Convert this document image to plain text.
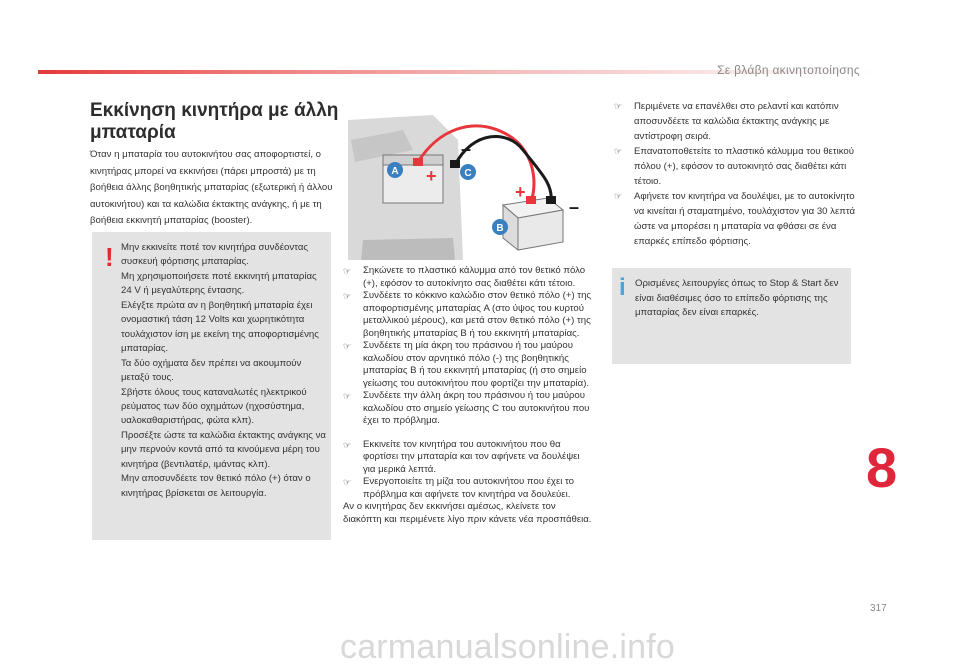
Σε βλάβη ακινητοποίησης
Εκκίνηση κινητήρα με άλλη
μπαταρία
Όταν η μπαταρία του αυτοκινήτου σας αποφορτιστεί, ο κινητήρας μπορεί να εκκινήσει (πάρει μπροστά) με τη βοήθεια άλλης βοηθητικής μπαταρίας (εξωτερική ή άλλου αυτοκινήτου) και τα καλώδια έκτακτης ανάγκης, ή με τη βοήθεια εκκινητή μπαταρίας (booster).
! Μην εκκινείτε ποτέ τον κινητήρα συνδέοντας συσκευή φόρτισης μπαταρίας.

Μη χρησιμοποιήσετε ποτέ εκκινητή μπαταρίας 24 V ή μεγαλύτερης έντασης.

Ελέγξτε πρώτα αν η βοηθητική μπαταρία έχει ονομαστική τάση 12 Volts και χωρητικότητα τουλάχιστον ίση με εκείνη της αποφορτισμένης μπαταρίας.

Τα δύο οχήματα δεν πρέπει να ακουμπούν μεταξύ τους.

Σβήστε όλους τους καταναλωτές ηλεκτρικού ρεύματος των δύο οχημάτων (ηχοσύστημα, υαλοκαθαριστήρας, φώτα κλπ).

Προσέξτε ώστε τα καλώδια έκτακτης ανάγκης να μην περνούν κοντά από τα κινούμενα μέρη του κινητήρα (βεντιλατέρ, ιμάντας κλπ).

Μην αποσυνδέετε τον θετικό πόλο (+) όταν ο κινητήρας βρίσκεται σε λειτουργία.

+
+
–
–
A	C
B

☞ Σηκώνετε το πλαστικό κάλυμμα από τον θετικό πόλο (+), εφόσον το αυτοκίνητο σας διαθέτει κάτι τέτοιο.

☞ Συνδέετε το κόκκινο καλώδιο στον θετικό πόλο (+) της αποφορτισμένης μπαταρίας A (στο ύψος του κυρτού μεταλλικού μέρους), και μετά στον θετικό πόλο (+) της βοηθητικής μπαταρίας B ή του εκκινητή μπαταρίας.

☞ Συνδέετε τη μία άκρη του πράσινου ή του μαύρου καλωδίου στον αρνητικό πόλο (-) της βοηθητικής μπαταρίας B ή του εκκινητή μπαταρίας (ή στο σημείο γείωσης του αυτοκινήτου που φορτίζει την μπαταρία).

☞ Συνδέετε την άλλη άκρη του πράσινου ή του μαύρου καλωδίου στο σημείο γείωσης C του αυτοκινήτου που έχει το πρόβλημα.

☞ Εκκινείτε τον κινητήρα του αυτοκινήτου που θα φορτίσει την μπαταρία και τον αφήνετε να δουλέψει για μερικά λεπτά.

☞ Ενεργοποιείτε τη μίζα του αυτοκινήτου που έχει το πρόβλημα και αφήνετε τον κινητήρα να δουλεύει.

Αν ο κινητήρας δεν εκκινήσει αμέσως, κλείνετε τον διακόπτη και περιμένετε λίγο πριν κάνετε νέα προσπάθεια.

☞ Περιμένετε να επανέλθει στο ρελαντί και κατόπιν αποσυνδέετε τα καλώδια έκτακτης ανάγκης με αντίστροφη σειρά.

☞ Επανατοποθετείτε το πλαστικό κάλυμμα του θετικού πόλου (+), εφόσον το αυτοκινητό σας διαθέτει κάτι τέτοιο.

☞ Αφήνετε τον κινητήρα να δουλέψει, με το αυτοκίνητο να κινείται ή σταματημένο, τουλάχιστον για 30 λεπτά ώστε να μπορέσει η μπαταρία να φθάσει σε ένα επαρκές επίπεδο φόρτισης.

i Ορισμένες λειτουργίες όπως το Stop & Start δεν είναι διαθέσιμες όσο το επίπεδο φόρτισης της μπαταρίας δεν είναι επαρκές.
8
317
carmanualsonline.info
